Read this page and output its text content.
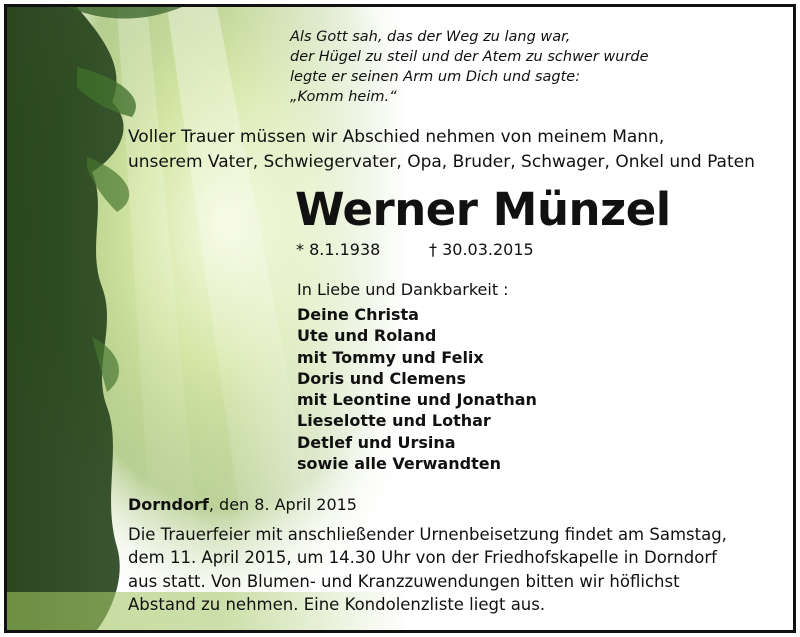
Als Gott sah, das der Weg zu lang war,
der Hügel zu steil und der Atem zu schwer wurde
legte er seinen Arm um Dich und sagte:
„Komm heim.“
Voller Trauer müssen wir Abschied nehmen von meinem Mann,
unserem Vater, Schwiegervater, Opa, Bruder, Schwager, Onkel und Paten
Werner Münzel
* 8.1.1938	† 30.03.2015
In Liebe und Dankbarkeit :
Deine Christa
Ute und Roland
mit Tommy und Felix
Doris und Clemens
mit Leontine und Jonathan
Lieselotte und Lothar
Detlef und Ursina
sowie alle Verwandten
Dorndorf, den 8. April 2015
Die Trauerfeier mit anschließender Urnenbeisetzung findet am Samstag,
dem 11. April 2015, um 14.30 Uhr von der Friedhofskapelle in Dorndorf
aus statt. Von Blumen- und Kranzzuwendungen bitten wir höflichst
Abstand zu nehmen. Eine Kondolenzliste liegt aus.
